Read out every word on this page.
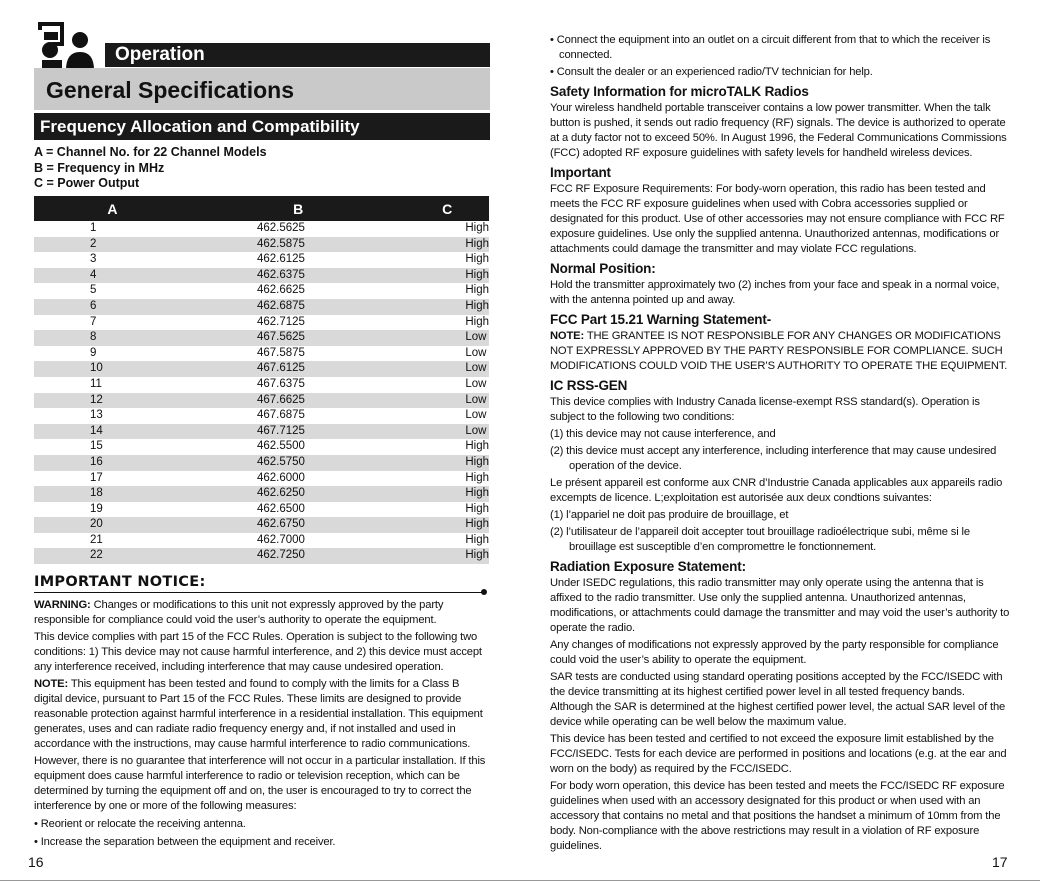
Operation
General Specifications
Frequency Allocation and Compatibility
A = Channel No. for 22 Channel Models
B = Frequency in MHz
C = Power Output
A	B	C
1	462.5625	High
2	462.5875	High
3	462.6125	High
4	462.6375	High
5	462.6625	High
6	462.6875	High
7	462.7125	High
8	467.5625	Low
9	467.5875	Low
10	467.6125	Low
11	467.6375	Low
12	467.6625	Low
13	467.6875	Low
14	467.7125	Low
15	462.5500	High
16	462.5750	High
17	462.6000	High
18	462.6250	High
19	462.6500	High
20	462.6750	High
21	462.7000	High
22	462.7250	High
IMPORTANT NOTICE:

WARNING: Changes or modifications to this unit not expressly approved by the party responsible for compliance could void the user’s authority to operate the equipment.

This device complies with part 15 of the FCC Rules. Operation is subject to the following two conditions: 1) This device may not cause harmful interference, and 2) this device must accept any interference received, including interference that may cause undesired operation.

NOTE: This equipment has been tested and found to comply with the limits for a Class B digital device, pursuant to Part 15 of the FCC Rules. These limits are designed to provide reasonable protection against harmful interference in a residential installation. This equipment generates, uses and can radiate radio frequency energy and, if not installed and used in accordance with the instructions, may cause harmful interference to radio communications.

However, there is no guarantee that interference will not occur in a particular installation. If this equipment does cause harmful interference to radio or television reception, which can be determined by turning the equipment off and on, the user is encouraged to try to correct the interference by one or more of the following measures:

• Reorient or relocate the receiving antenna.

• Increase the separation between the equipment and receiver.

16

• Connect the equipment into an outlet on a circuit different from that to which the receiver is connected.

• Consult the dealer or an experienced radio/TV technician for help.

Safety Information for microTALK Radios

Your wireless handheld portable transceiver contains a low power transmitter. When the talk button is pushed, it sends out radio frequency (RF) signals. The device is authorized to operate at a duty factor not to exceed 50%. In August 1996, the Federal Communications Commissions (FCC) adopted RF exposure guidelines with safety levels for handheld wireless devices.

Important

FCC RF Exposure Requirements: For body-worn operation, this radio has been tested and meets the FCC RF exposure guidelines when used with Cobra accessories supplied or designated for this product. Use of other accessories may not ensure compliance with FCC RF exposure guidelines. Use only the supplied antenna. Unauthorized antennas, modifications or attachments could damage the transmitter and may violate FCC regulations.

Normal Position:

Hold the transmitter approximately two (2) inches from your face and speak in a normal voice, with the antenna pointed up and away.

FCC Part 15.21 Warning Statement-

NOTE: THE GRANTEE IS NOT RESPONSIBLE FOR ANY CHANGES OR MODIFICATIONS NOT EXPRESSLY APPROVED BY THE PARTY RESPONSIBLE FOR COMPLIANCE. SUCH MODIFICATIONS COULD VOID THE USER’S AUTHORITY TO OPERATE THE EQUIPMENT.

IC RSS-GEN

This device complies with Industry Canada license-exempt RSS standard(s). Operation is subject to the following two conditions:

(1) this device may not cause interference, and

(2) this device must accept any interference, including interference that may cause undesired operation of the device.

Le présent appareil est conforme aux CNR d’Industrie Canada applicables aux appareils radio excempts de licence. L;exploitation est autorisée aux deux condtions suivantes:

(1) l’appariel ne doit pas produire de brouillage, et

(2) l’utilisateur de l’appareil doit accepter tout brouillage radioélectrique subi, même si le brouillage est susceptible d’en compromettre le fonctionnement.

Radiation Exposure Statement:

Under ISEDC regulations, this radio transmitter may only operate using the antenna that is affixed to the radio transmitter. Use only the supplied antenna. Unauthorized antennas, modifications, or attachments could damage the transmitter and may void the user’s authority to operate the radio.

Any changes of modifications not expressly approved by the party responsible for compliance could void the user’s ability to operate the equipment.

SAR tests are conducted using standard operating positions accepted by the FCC/ISEDC with the device transmitting at its highest certified power level in all tested frequency bands. Although the SAR is determined at the highest certified power level, the actual SAR level of the device while operating can be well below the maximum value.

This device has been tested and certified to not exceed the exposure limit established by the FCC/ISEDC. Tests for each device are performed in positions and locations (e.g. at the ear and worn on the body) as required by the FCC/ISEDC.

For body worn operation, this device has been tested and meets the FCC/ISEDC RF exposure guidelines when used with an accessory designated for this product or when used with an accessory that contains no metal and that positions the handset a minimum of 10mm from the body. Non-compliance with the above restrictions may result in a violation of RF exposure guidelines.

17
